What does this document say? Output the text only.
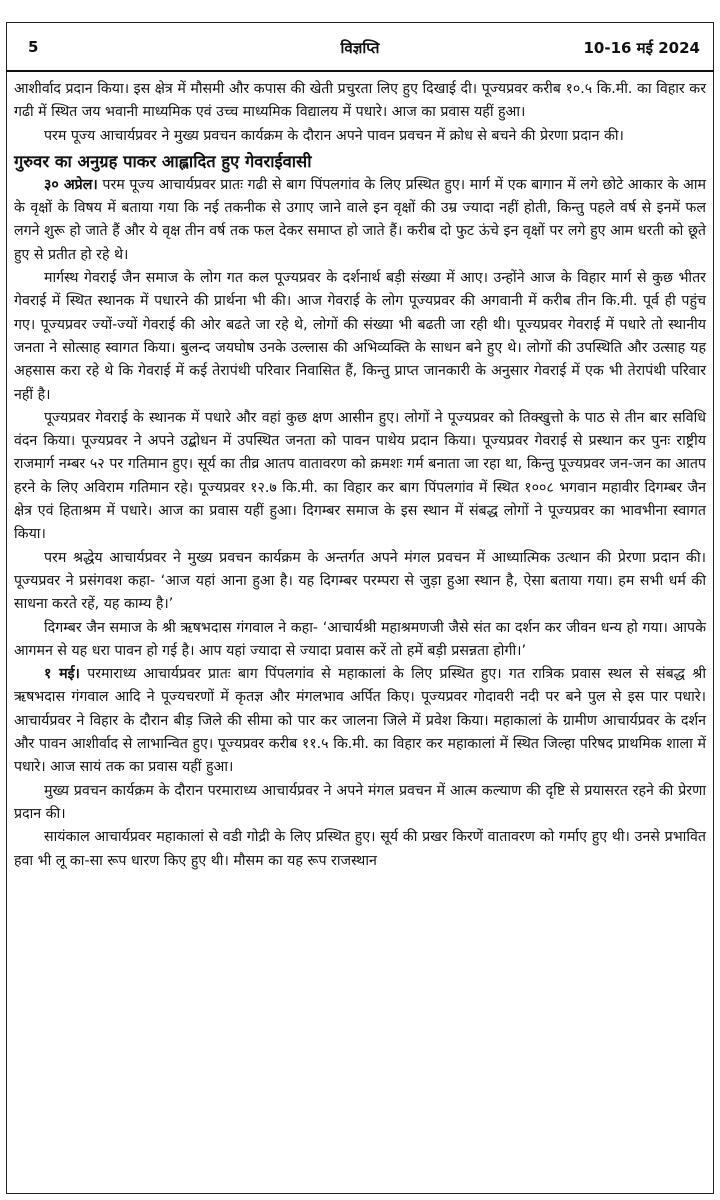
5	विज्ञप्ति	10-16 मई 2024

आशीर्वाद प्रदान किया। इस क्षेत्र में मौसमी और कपास की खेती प्रचुरता लिए हुए दिखाई दी। पूज्यप्रवर करीब १०.५ कि.मी. का विहार कर गढी में स्थित जय भवानी माध्यमिक एवं उच्च माध्यमिक विद्यालय में पधारे। आज का प्रवास यहीं हुआ।

परम पूज्य आचार्यप्रवर ने मुख्य प्रवचन कार्यक्रम के दौरान अपने पावन प्रवचन में क्रोध से बचने की प्रेरणा प्रदान की।

गुरुवर का अनुग्रह पाकर आह्लादित हुए गेवराईवासी

३० अप्रेल। परम पूज्य आचार्यप्रवर प्रातः गढी से बाग पिंपलगांव के लिए प्रस्थित हुए। मार्ग में एक बागान में लगे छोटे आकार के आम के वृक्षों के विषय में बताया गया कि नई तकनीक से उगाए जाने वाले इन वृक्षों की उम्र ज्यादा नहीं होती, किन्तु पहले वर्ष से इनमें फल लगने शुरू हो जाते हैं और ये वृक्ष तीन वर्ष तक फल देकर समाप्त हो जाते हैं। करीब दो फुट ऊंचे इन वृक्षों पर लगे हुए आम धरती को छूते हुए से प्रतीत हो रहे थे।

मार्गस्थ गेवराई जैन समाज के लोग गत कल पूज्यप्रवर के दर्शनार्थ बड़ी संख्या में आए। उन्होंने आज के विहार मार्ग से कुछ भीतर गेवराई में स्थित स्थानक में पधारने की प्रार्थना भी की। आज गेवराई के लोग पूज्यप्रवर की अगवानी में करीब तीन कि.मी. पूर्व ही पहुंच गए। पूज्यप्रवर ज्यों-ज्यों गेवराई की ओर बढते जा रहे थे, लोगों की संख्या भी बढती जा रही थी। पूज्यप्रवर गेवराई में पधारे तो स्थानीय जनता ने सोत्साह स्वागत किया। बुलन्द जयघोष उनके उल्लास की अभिव्यक्ति के साधन बने हुए थे। लोगों की उपस्थिति और उत्साह यह अहसास करा रहे थे कि गेवराई में कई तेरापंथी परिवार निवासित हैं, किन्तु प्राप्त जानकारी के अनुसार गेवराई में एक भी तेरापंथी परिवार नहीं है।

पूज्यप्रवर गेवराई के स्थानक में पधारे और वहां कुछ क्षण आसीन हुए। लोगों ने पूज्यप्रवर को तिक्खुत्तो के पाठ से तीन बार सविधि वंदन किया। पूज्यप्रवर ने अपने उद्बोधन में उपस्थित जनता को पावन पाथेय प्रदान किया। पूज्यप्रवर गेवराई से प्रस्थान कर पुनः राष्ट्रीय राजमार्ग नम्बर ५२ पर गतिमान हुए। सूर्य का तीव्र आतप वातावरण को क्रमशः गर्म बनाता जा रहा था, किन्तु पूज्यप्रवर जन-जन का आतप हरने के लिए अविराम गतिमान रहे। पूज्यप्रवर १२.७ कि.मी. का विहार कर बाग पिंपलगांव में स्थित १००८ भगवान महावीर दिगम्बर जैन क्षेत्र एवं हिताश्रम में पधारे। आज का प्रवास यहीं हुआ। दिगम्बर समाज के इस स्थान में संबद्ध लोगों ने पूज्यप्रवर का भावभीना स्वागत किया।

परम श्रद्धेय आचार्यप्रवर ने मुख्य प्रवचन कार्यक्रम के अन्तर्गत अपने मंगल प्रवचन में आध्यात्मिक उत्थान की प्रेरणा प्रदान की। पूज्यप्रवर ने प्रसंगवश कहा- ‘आज यहां आना हुआ है। यह दिगम्बर परम्परा से जुड़ा हुआ स्थान है, ऐसा बताया गया। हम सभी धर्म की साधना करते रहें, यह काम्य है।’

दिगम्बर जैन समाज के श्री ऋषभदास गंगवाल ने कहा- ‘आचार्यश्री महाश्रमणजी जैसे संत का दर्शन कर जीवन धन्य हो गया। आपके आगमन से यह धरा पावन हो गई है। आप यहां ज्यादा से ज्यादा प्रवास करें तो हमें बड़ी प्रसन्नता होगी।’

१ मई। परमाराध्य आचार्यप्रवर प्रातः बाग पिंपलगांव से महाकालां के लिए प्रस्थित हुए। गत रात्रिक प्रवास स्थल से संबद्ध श्री ऋषभदास गंगवाल आदि ने पूज्यचरणों में कृतज्ञ और मंगलभाव अर्पित किए। पूज्यप्रवर गोदावरी नदी पर बने पुल से इस पार पधारे। आचार्यप्रवर ने विहार के दौरान बीड़ जिले की सीमा को पार कर जालना जिले में प्रवेश किया। महाकालां के ग्रामीण आचार्यप्रवर के दर्शन और पावन आशीर्वाद से लाभान्वित हुए। पूज्यप्रवर करीब ११.५ कि.मी. का विहार कर महाकालां में स्थित जिल्हा परिषद प्राथमिक शाला में पधारे। आज सायं तक का प्रवास यहीं हुआ।

मुख्य प्रवचन कार्यक्रम के दौरान परमाराध्य आचार्यप्रवर ने अपने मंगल प्रवचन में आत्म कल्याण की दृष्टि से प्रयासरत रहने की प्रेरणा प्रदान की।

सायंकाल आचार्यप्रवर महाकालां से वडी गोद्री के लिए प्रस्थित हुए। सूर्य की प्रखर किरणें वातावरण को गर्माए हुए थी। उनसे प्रभावित हवा भी लू का-सा रूप धारण किए हुए थी। मौसम का यह रूप राजस्थान
